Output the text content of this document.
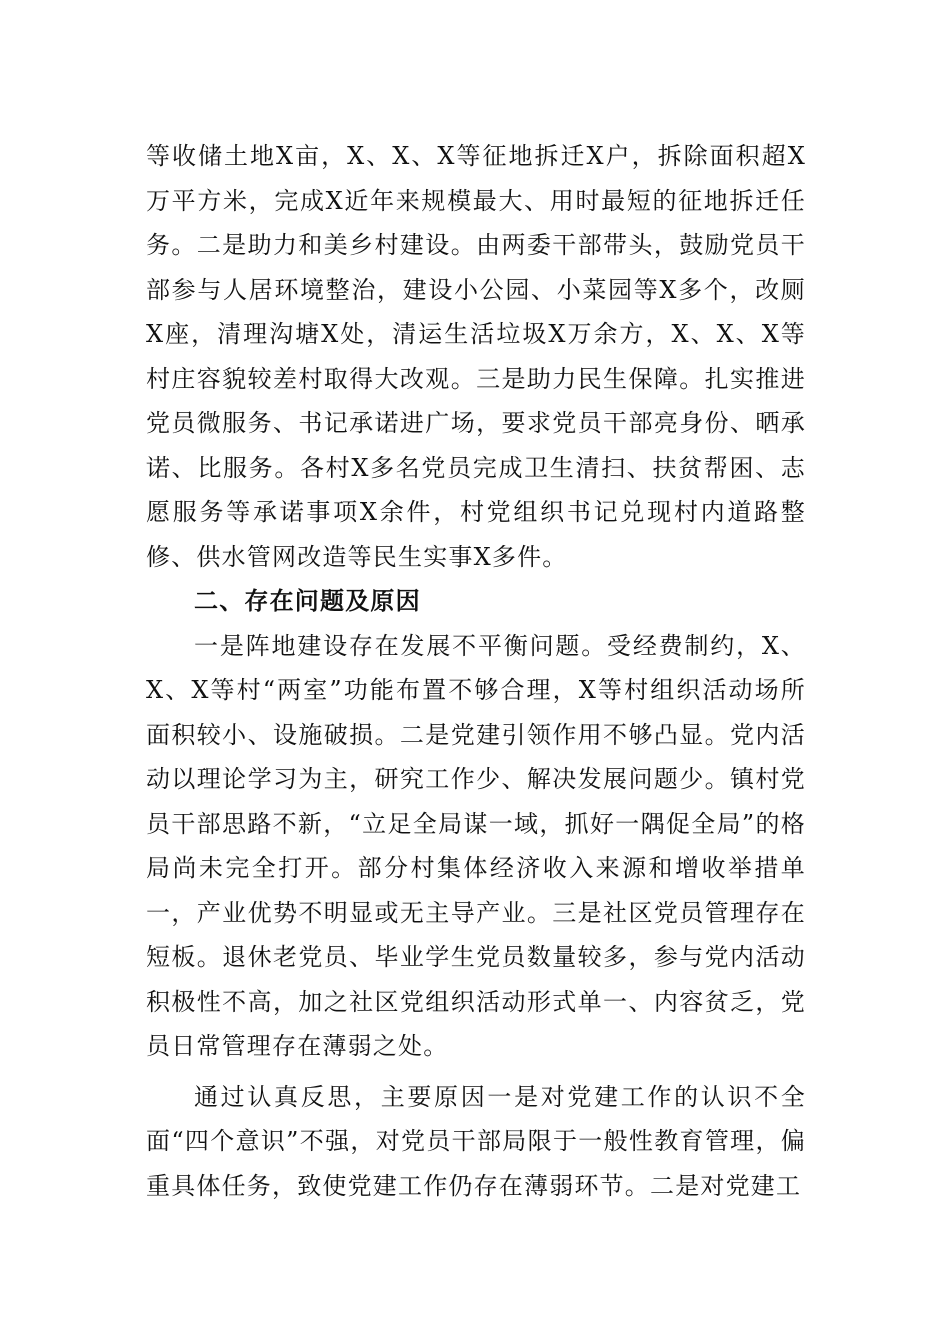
等收储土地X亩，X、X、X等征地拆迁X户，拆除面积超X万平方米，完成X近年来规模最大、用时最短的征地拆迁任务。二是助力和美乡村建设。由两委干部带头，鼓励党员干部参与人居环境整治，建设小公园、小菜园等X多个，改厕X座，清理沟塘X处，清运生活垃圾X万余方，X、X、X等村庄容貌较差村取得大改观。三是助力民生保障。扎实推进党员微服务、书记承诺进广场，要求党员干部亮身份、晒承诺、比服务。各村X多名党员完成卫生清扫、扶贫帮困、志愿服务等承诺事项X余件，村党组织书记兑现村内道路整修、供水管网改造等民生实事X多件。

二、存在问题及原因

一是阵地建设存在发展不平衡问题。受经费制约，X、X、X等村“两室”功能布置不够合理，X等村组织活动场所面积较小、设施破损。二是党建引领作用不够凸显。党内活动以理论学习为主，研究工作少、解决发展问题少。镇村党员干部思路不新，“立足全局谋一域，抓好一隅促全局”的格局尚未完全打开。部分村集体经济收入来源和增收举措单一，产业优势不明显或无主导产业。三是社区党员管理存在短板。退休老党员、毕业学生党员数量较多，参与党内活动积极性不高，加之社区党组织活动形式单一、内容贫乏，党员日常管理存在薄弱之处。

通过认真反思，主要原因一是对党建工作的认识不全面“四个意识”不强，对党员干部局限于一般性教育管理，偏重具体任务，致使党建工作仍存在薄弱环节。二是对党建工
